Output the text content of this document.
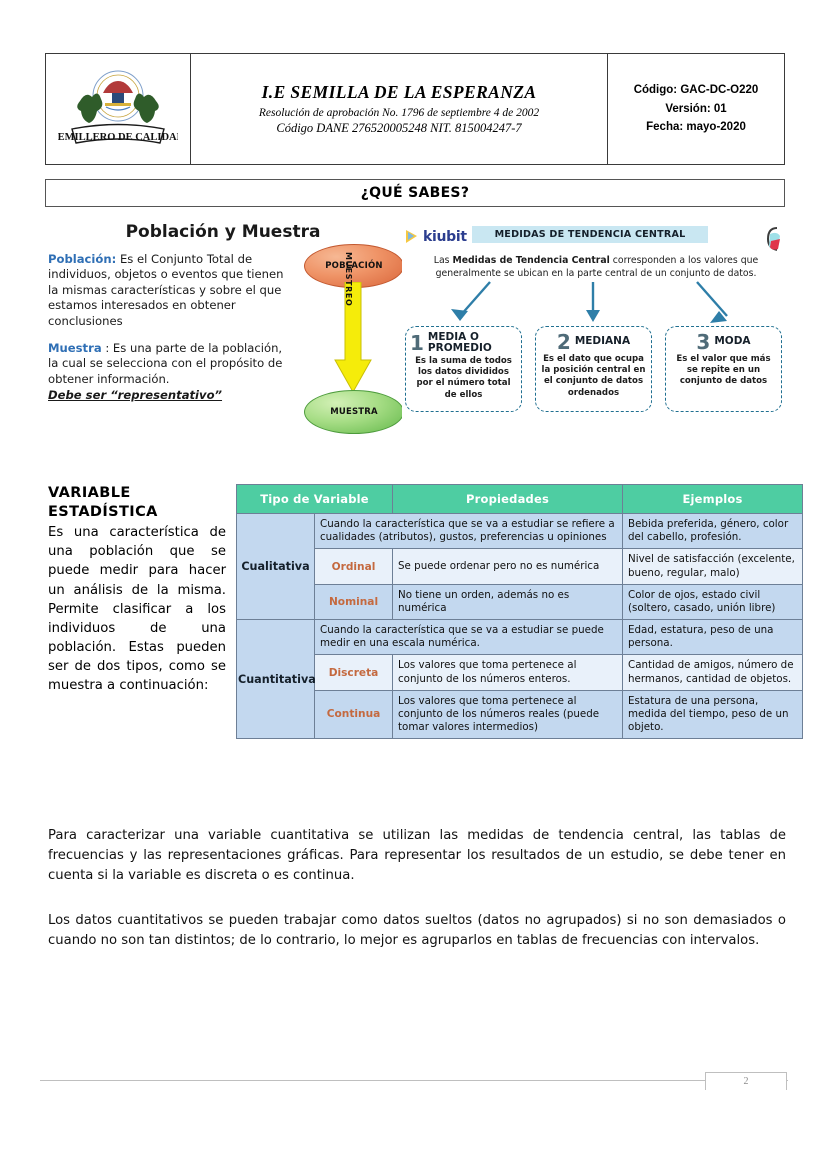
SEMILLERO DE CALIDAD
I.E SEMILLA DE LA ESPERANZA
Resolución de aprobación No. 1796 de septiembre 4 de 2002
Código DANE 276520005248 NIT. 815004247-7
Código: GAC-DC-O220
Versión: 01
Fecha: mayo-2020
¿QUÉ SABES?
Población y Muestra

Población: Es el Conjunto Total de individuos, objetos o eventos que tienen la mismas características y sobre el que estamos interesados en obtener conclusiones

Muestra : Es una parte de la población, la cual se selecciona con el propósito de obtener información.
Debe ser “representativo”

POBLACIÓN
MUESTREO
MUESTRA
kiubit	MEDIDAS DE TENDENCIA CENTRAL
Las Medidas de Tendencia Central corresponden a los valores que generalmente se ubican en la parte central de un conjunto de datos.
1 MEDIA O PROMEDIO
Es la suma de todos los datos divididos por el número total de ellos
2 MEDIANA
Es el dato que ocupa la posición central en el conjunto de datos ordenados
3 MODA
Es el valor que más se repite en un conjunto de datos
VARIABLE
ESTADÍSTICA
Es una característica de una población que se puede medir para hacer un análisis de la misma. Permite clasificar a los individuos de una población. Estas pueden ser de dos tipos, como se muestra a continuación:
Tipo de Variable		Propiedades	Ejemplos
Cualitativa	Cuando la característica que se va a estudiar se refiere a cualidades (atributos), gustos, preferencias u opiniones		Bebida preferida, género, color del cabello, profesión.
	Ordinal	Se puede ordenar pero no es numérica	Nivel de satisfacción (excelente, bueno, regular, malo)
	Nominal	No tiene un orden, además no es numérica	Color de ojos, estado civil (soltero, casado, unión libre)
Cuantitativa	Cuando la característica que se va a estudiar se puede medir en una escala numérica.		Edad, estatura, peso de una persona.
	Discreta	Los valores que toma pertenece al conjunto de los números enteros.	Cantidad de amigos, número de hermanos, cantidad de objetos.
	Continua	Los valores que toma pertenece al conjunto de los números reales (puede tomar valores intermedios)	Estatura de una persona, medida del tiempo, peso de un objeto.
Para caracterizar una variable cuantitativa se utilizan las medidas de tendencia central, las tablas de frecuencias y las representaciones gráficas. Para representar los resultados de un estudio, se debe tener en cuenta si la variable es discreta o es continua.
Los datos cuantitativos se pueden trabajar como datos sueltos (datos no agrupados) si no son demasiados o cuando no son tan distintos; de lo contrario, lo mejor es agruparlos en tablas de frecuencias con intervalos.
2
